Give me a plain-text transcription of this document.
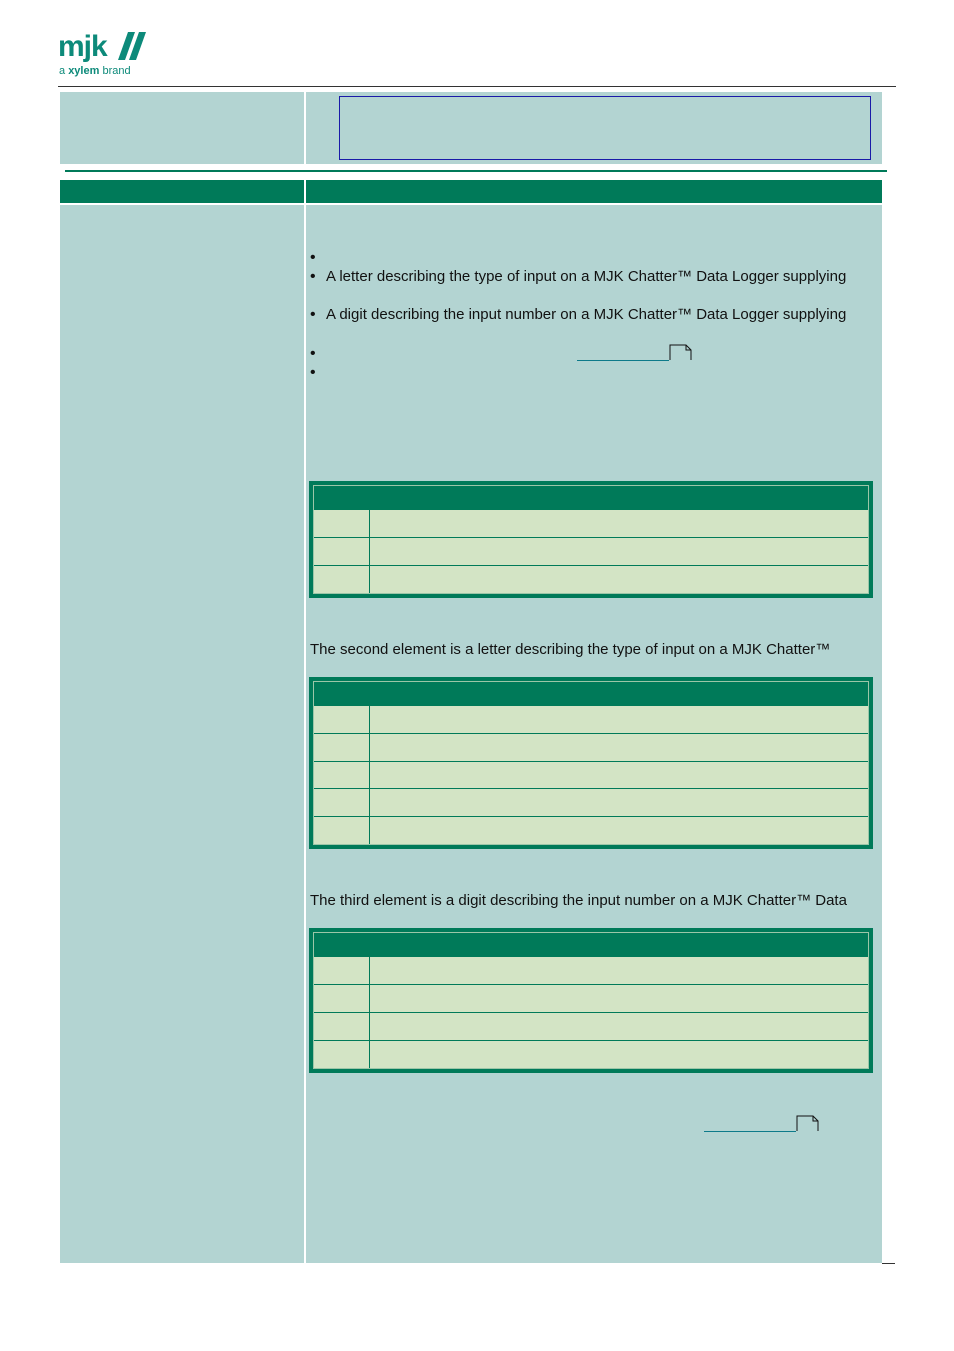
mjk
a xylem brand
•
• A letter describing the type of input on a MJK Chatter™ Data Logger supplying
• A digit describing the input number on a MJK Chatter™ Data Logger supplying
•
•
The second element is a letter describing the type of input on a MJK Chatter™
The third element is a digit describing the input number on a MJK Chatter™ Data
